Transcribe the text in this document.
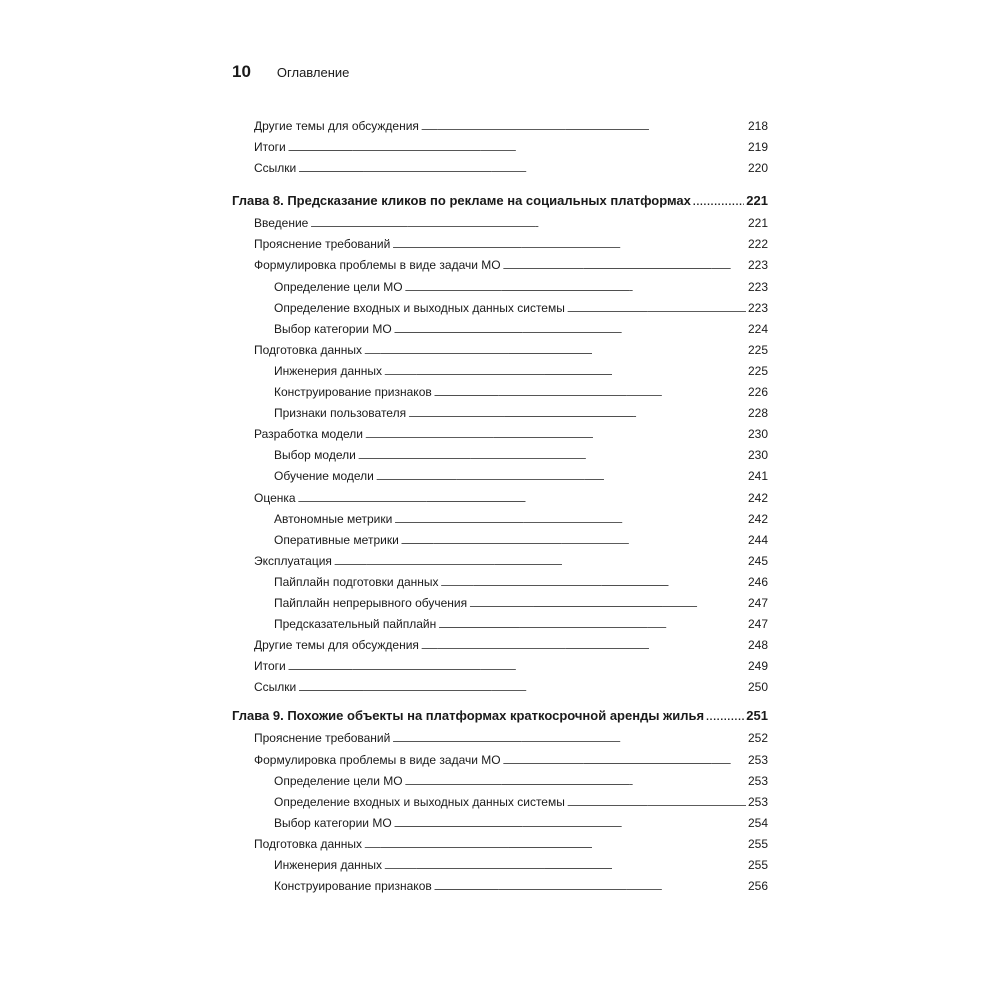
10 Оглавление
Другие темы для обсуждения . . .	218
Итоги . . .	219
Ссылки . . .	220
Глава 8. Предсказание кликов по рекламе на социальных платформах . . .	221
Введение . . .	221
Прояснение требований . . .	222
Формулировка проблемы в виде задачи МО . . .	223
Определение цели МО . . .	223
Определение входных и выходных данных системы . . .	223
Выбор категории МО . . .	224
Подготовка данных . . .	225
Инженерия данных . . .	225
Конструирование признаков . . .	226
Признаки пользователя . . .	228
Разработка модели . . .	230
Выбор модели . . .	230
Обучение модели . . .	241
Оценка . . .	242
Автономные метрики . . .	242
Оперативные метрики . . .	244
Эксплуатация . . .	245
Пайплайн подготовки данных . . .	246
Пайплайн непрерывного обучения . . .	247
Предсказательный пайплайн . . .	247
Другие темы для обсуждения . . .	248
Итоги . . .	249
Ссылки . . .	250
Глава 9. Похожие объекты на платформах краткосрочной аренды жилья . . .	251
Прояснение требований . . .	252
Формулировка проблемы в виде задачи МО . . .	253
Определение цели МО . . .	253
Определение входных и выходных данных системы . . .	253
Выбор категории МО . . .	254
Подготовка данных . . .	255
Инженерия данных . . .	255
Конструирование признаков . . .	256
